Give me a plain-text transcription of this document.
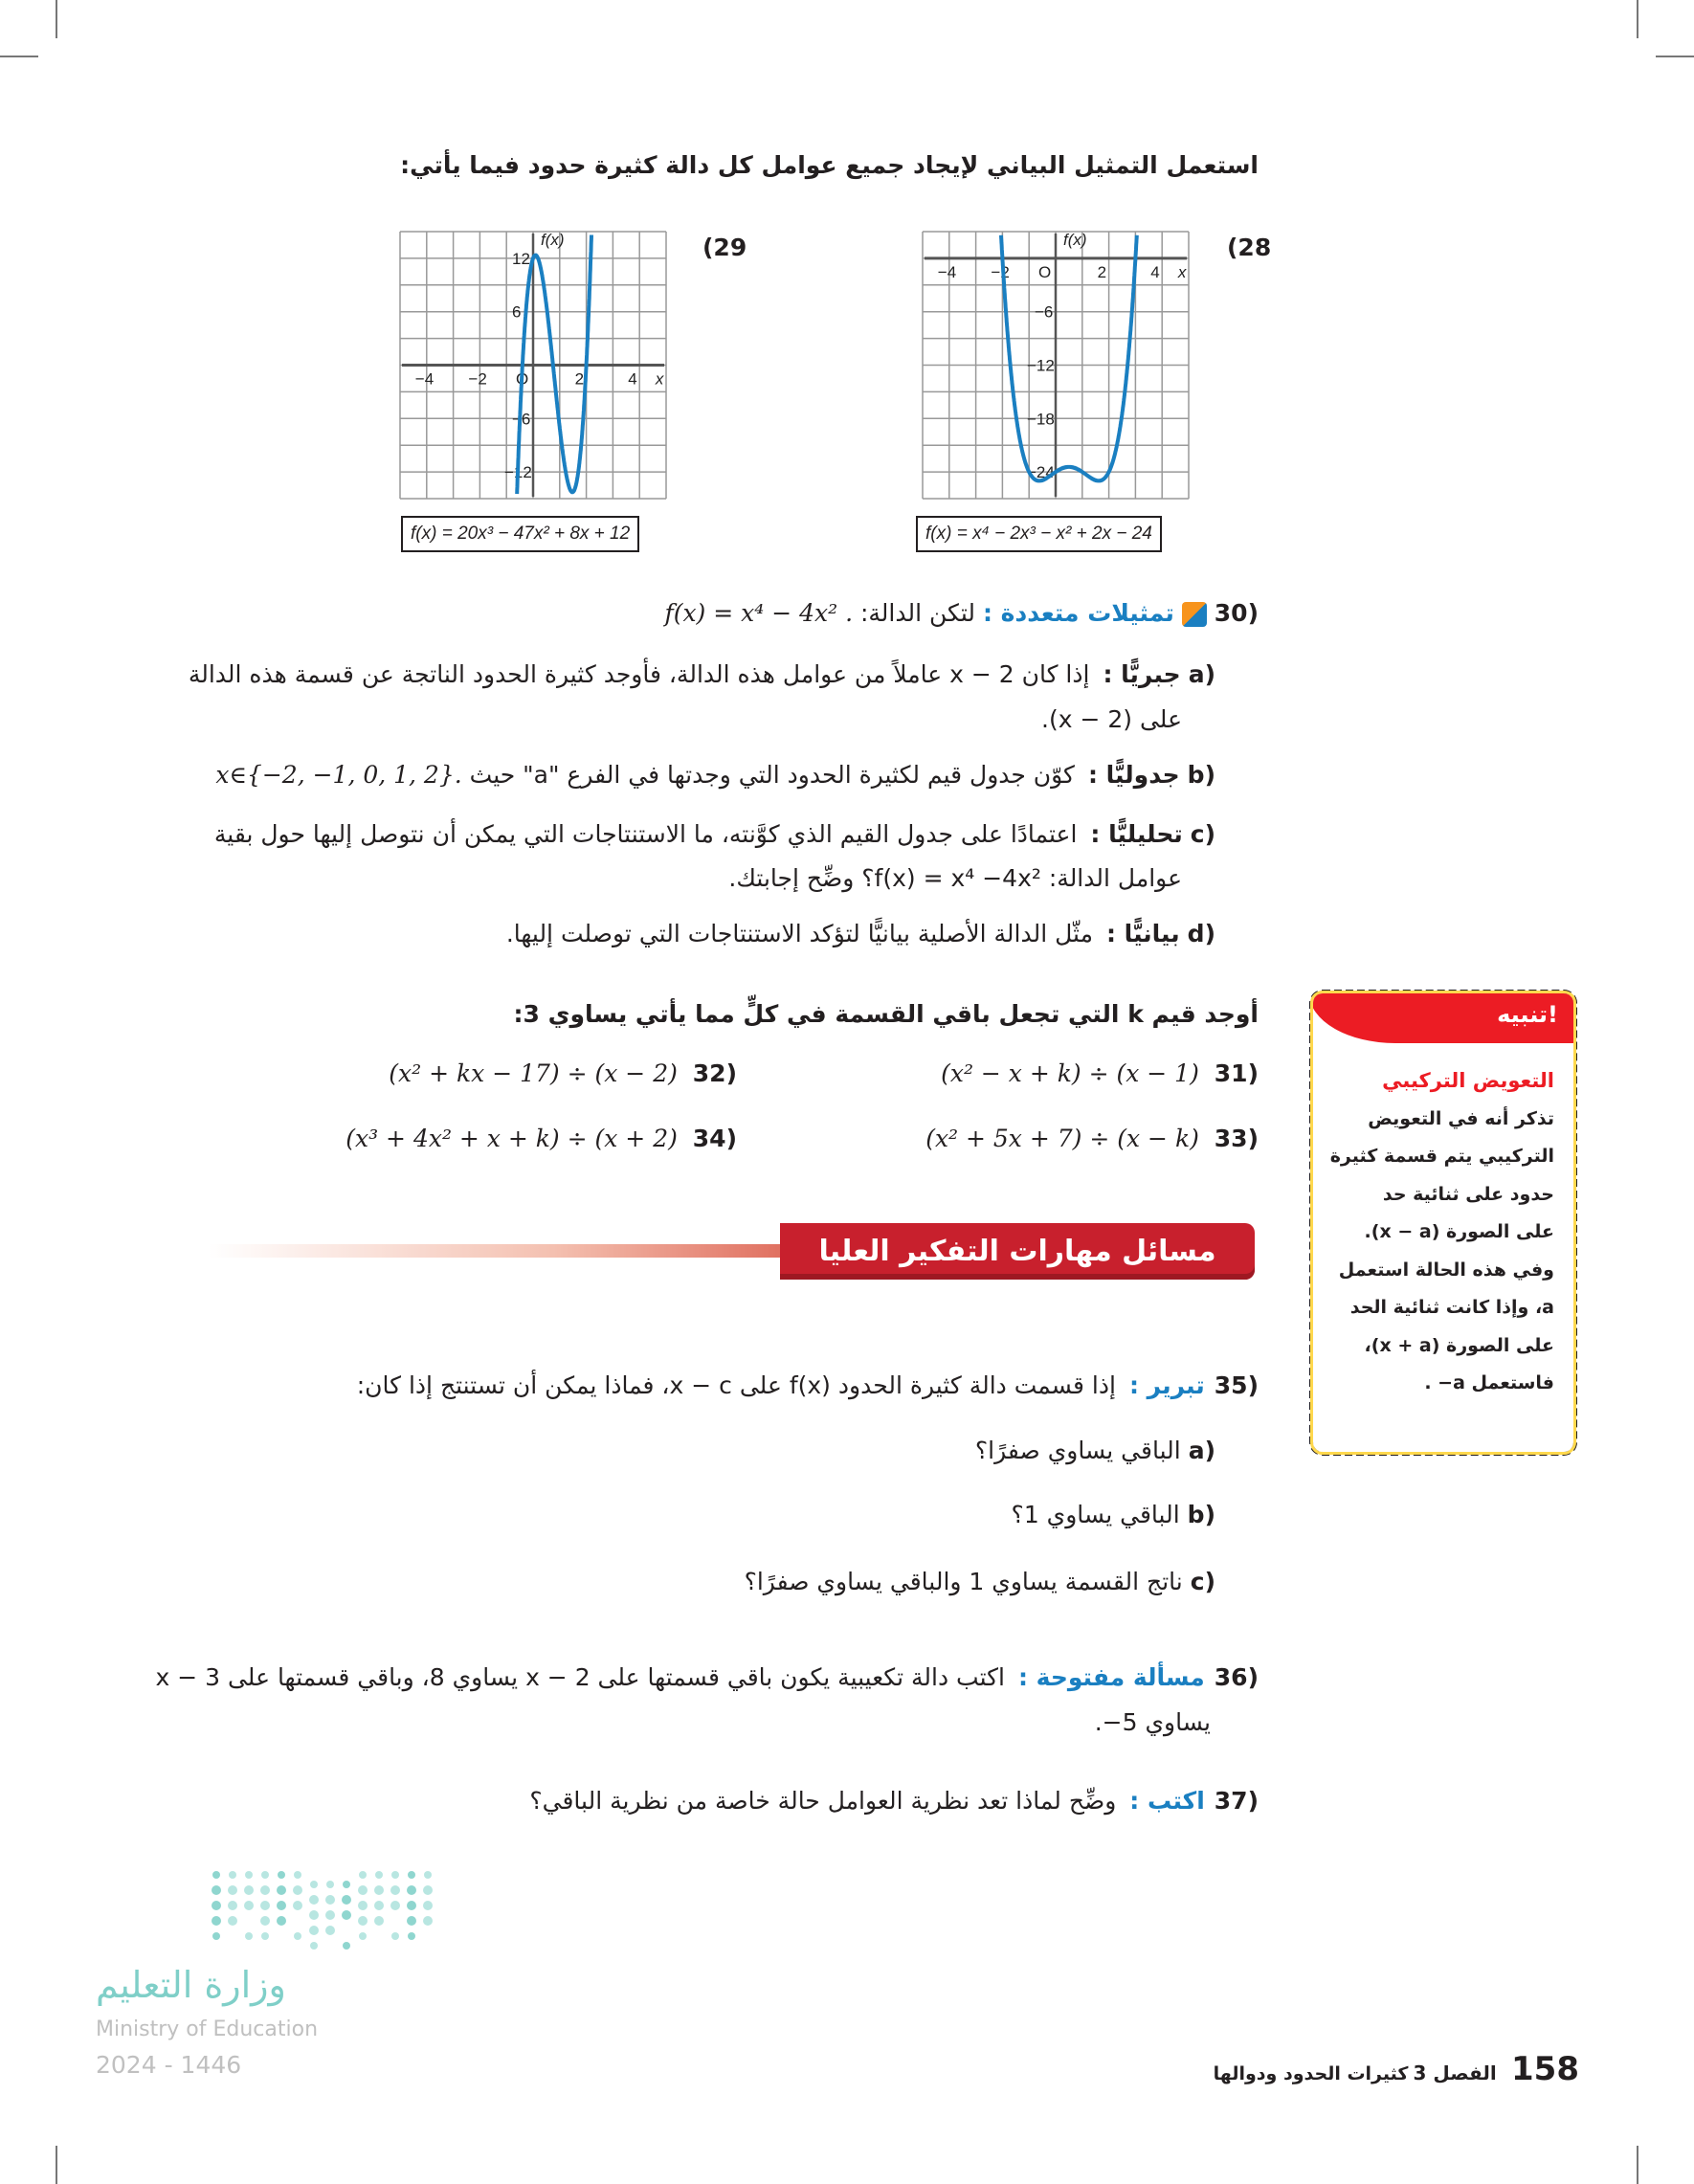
استعمل التمثيل البياني لإيجاد جميع عوامل كل دالة كثيرة حدود فيما يأتي:
(28
(29
−4 −2	2	4
−6
−12
−18
−24
O	x
f(x)
−4 −2	2	4
12
6
−6
−12
O	x
f(x)
f(x) = x⁴ − 2x³ − x² + 2x − 24
f(x) = 20x³ − 47x² + 8x + 12
(30  تمثيلات متعددة : لتكن الدالة: f(x) = x⁴ − 4x² .
(aجبريًّا :إذا كان x − 2 عاملاً من عوامل هذه الدالة، فأوجد كثيرة الحدود الناتجة عن قسمة هذه الدالة
على (x − 2).
(bجدوليًّا :كوّن جدول قيم لكثيرة الحدود التي وجدتها في الفرع "a" حيث x∈{−2, −1, 0, 1, 2}.
(cتحليليًّا :اعتمادًا على جدول القيم الذي كوَّنته، ما الاستنتاجات التي يمكن أن نتوصل إليها حول بقية
عوامل الدالة: f(x) = x⁴ −4x²؟ وضِّح إجابتك.
(dبيانيًّا :مثّل الدالة الأصلية بيانيًّا لتؤكد الاستنتاجات التي توصلت إليها.
أوجد قيم k التي تجعل باقي القسمة في كلٍّ مما يأتي يساوي 3:
(31  (x² − x + k) ÷ (x − 1)
(32  (x² + kx − 17) ÷ (x − 2)
(33  (x² + 5x + 7) ÷ (x − k)
(34  (x³ + 4x² + x + k) ÷ (x + 2)
تنبيه!
التعويض التركيبي
تذكر أنه في التعويض
التركيبي يتم قسمة كثيرة
حدود على ثنائية حد
على الصورة (x − a).
وفي هذه الحالة استعمل
a، وإذا كانت ثنائية الحد
على الصورة (x + a)،
فاستعمل a− .
مسائل مهارات التفكير العليا
(35تبرير :إذا قسمت دالة كثيرة الحدود f(x) على x − c، فماذا يمكن أن تستنتج إذا كان:
(aالباقي يساوي صفرًا؟
(bالباقي يساوي 1؟
(cناتج القسمة يساوي 1 والباقي يساوي صفرًا؟
(36مسألة مفتوحة :اكتب دالة تكعيبية يكون باقي قسمتها على x − 2 يساوي 8، وباقي قسمتها على x − 3
يساوي 5−.
(37اكتب :وضِّح لماذا تعد نظرية العوامل حالة خاصة من نظرية الباقي؟
وزارة التعليم
Ministry of Education
2024 - 1446	158   الفصل 3 كثيرات الحدود ودوالها
